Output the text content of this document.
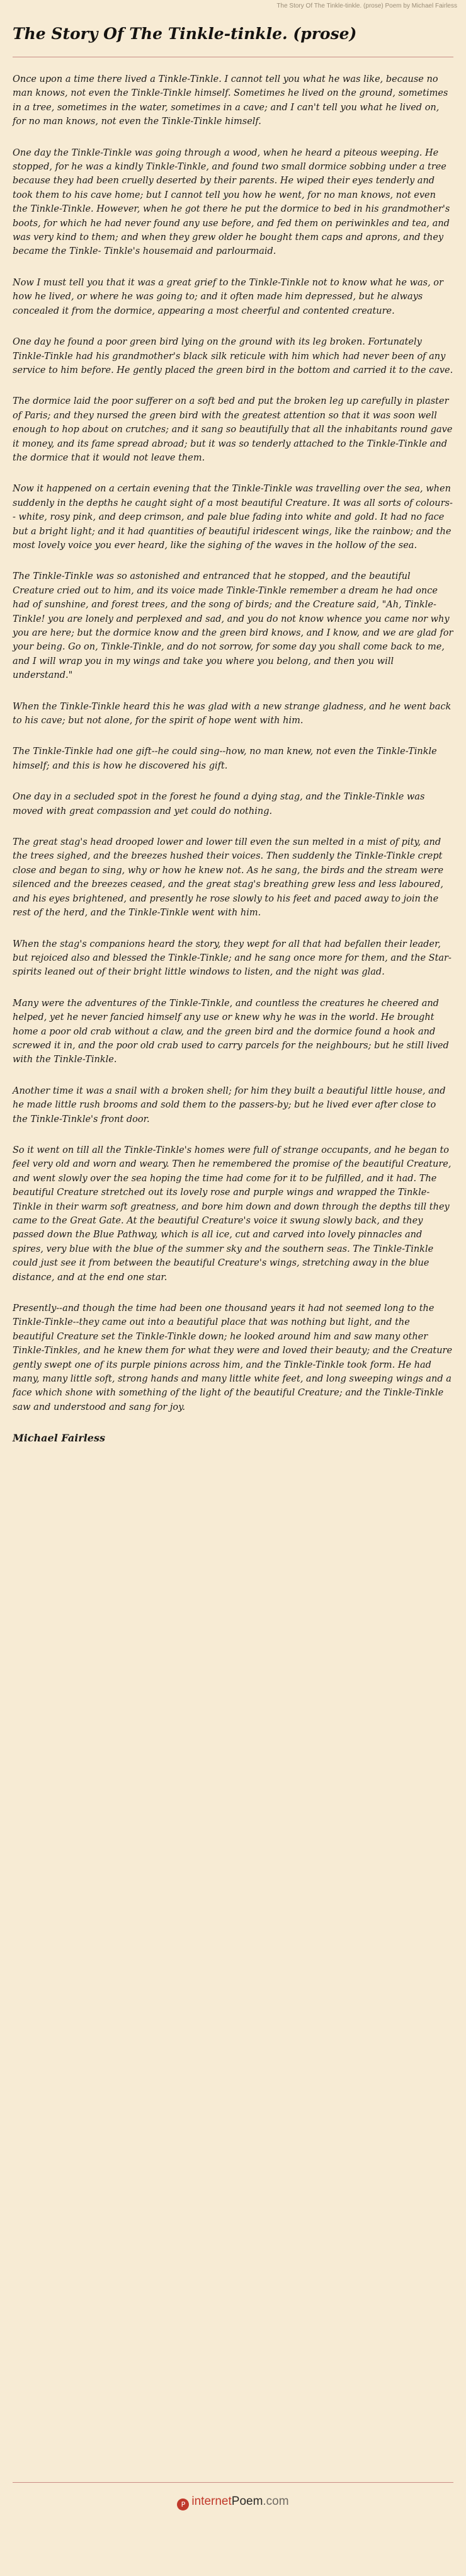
The Story Of The Tinkle-tinkle. (prose) Poem by Michael Fairless
The Story Of The Tinkle-tinkle. (prose)

Once upon a time there lived a Tinkle-Tinkle. I cannot tell you what he was like, because no man knows, not even the Tinkle-Tinkle himself. Sometimes he lived on the ground, sometimes in a tree, sometimes in the water, sometimes in a cave; and I can't tell you what he lived on, for no man knows, not even the Tinkle-Tinkle himself.

One day the Tinkle-Tinkle was going through a wood, when he heard a piteous weeping. He stopped, for he was a kindly Tinkle-Tinkle, and found two small dormice sobbing under a tree because they had been cruelly deserted by their parents. He wiped their eyes tenderly and took them to his cave home; but I cannot tell you how he went, for no man knows, not even the Tinkle-Tinkle. However, when he got there he put the dormice to bed in his grandmother's boots, for which he had never found any use before, and fed them on periwinkles and tea, and was very kind to them; and when they grew older he bought them caps and aprons, and they became the Tinkle- Tinkle's housemaid and parlourmaid.

Now I must tell you that it was a great grief to the Tinkle-Tinkle not to know what he was, or how he lived, or where he was going to; and it often made him depressed, but he always concealed it from the dormice, appearing a most cheerful and contented creature.

One day he found a poor green bird lying on the ground with its leg broken. Fortunately Tinkle-Tinkle had his grandmother's black silk reticule with him which had never been of any service to him before. He gently placed the green bird in the bottom and carried it to the cave.

The dormice laid the poor sufferer on a soft bed and put the broken leg up carefully in plaster of Paris; and they nursed the green bird with the greatest attention so that it was soon well enough to hop about on crutches; and it sang so beautifully that all the inhabitants round gave it money, and its fame spread abroad; but it was so tenderly attached to the Tinkle-Tinkle and the dormice that it would not leave them.

Now it happened on a certain evening that the Tinkle-Tinkle was travelling over the sea, when suddenly in the depths he caught sight of a most beautiful Creature. It was all sorts of colours-- white, rosy pink, and deep crimson, and pale blue fading into white and gold. It had no face but a bright light; and it had quantities of beautiful iridescent wings, like the rainbow; and the most lovely voice you ever heard, like the sighing of the waves in the hollow of the sea.

The Tinkle-Tinkle was so astonished and entranced that he stopped, and the beautiful Creature cried out to him, and its voice made Tinkle-Tinkle remember a dream he had once had of sunshine, and forest trees, and the song of birds; and the Creature said, "Ah, Tinkle-Tinkle! you are lonely and perplexed and sad, and you do not know whence you came nor why you are here; but the dormice know and the green bird knows, and I know, and we are glad for your being. Go on, Tinkle-Tinkle, and do not sorrow, for some day you shall come back to me, and I will wrap you in my wings and take you where you belong, and then you will understand."

When the Tinkle-Tinkle heard this he was glad with a new strange gladness, and he went back to his cave; but not alone, for the spirit of hope went with him.

The Tinkle-Tinkle had one gift--he could sing--how, no man knew, not even the Tinkle-Tinkle himself; and this is how he discovered his gift.

One day in a secluded spot in the forest he found a dying stag, and the Tinkle-Tinkle was moved with great compassion and yet could do nothing.

The great stag's head drooped lower and lower till even the sun melted in a mist of pity, and the trees sighed, and the breezes hushed their voices. Then suddenly the Tinkle-Tinkle crept close and began to sing, why or how he knew not. As he sang, the birds and the stream were silenced and the breezes ceased, and the great stag's breathing grew less and less laboured, and his eyes brightened, and presently he rose slowly to his feet and paced away to join the rest of the herd, and the Tinkle-Tinkle went with him.

When the stag's companions heard the story, they wept for all that had befallen their leader, but rejoiced also and blessed the Tinkle-Tinkle; and he sang once more for them, and the Star-spirits leaned out of their bright little windows to listen, and the night was glad.

Many were the adventures of the Tinkle-Tinkle, and countless the creatures he cheered and helped, yet he never fancied himself any use or knew why he was in the world. He brought home a poor old crab without a claw, and the green bird and the dormice found a hook and screwed it in, and the poor old crab used to carry parcels for the neighbours; but he still lived with the Tinkle-Tinkle.

Another time it was a snail with a broken shell; for him they built a beautiful little house, and he made little rush brooms and sold them to the passers-by; but he lived ever after close to the Tinkle-Tinkle's front door.

So it went on till all the Tinkle-Tinkle's homes were full of strange occupants, and he began to feel very old and worn and weary. Then he remembered the promise of the beautiful Creature, and went slowly over the sea hoping the time had come for it to be fulfilled, and it had. The beautiful Creature stretched out its lovely rose and purple wings and wrapped the Tinkle-Tinkle in their warm soft greatness, and bore him down and down through the depths till they came to the Great Gate. At the beautiful Creature's voice it swung slowly back, and they passed down the Blue Pathway, which is all ice, cut and carved into lovely pinnacles and spires, very blue with the blue of the summer sky and the southern seas. The Tinkle-Tinkle could just see it from between the beautiful Creature's wings, stretching away in the blue distance, and at the end one star.

Presently--and though the time had been one thousand years it had not seemed long to the Tinkle-Tinkle--they came out into a beautiful place that was nothing but light, and the beautiful Creature set the Tinkle-Tinkle down; he looked around him and saw many other Tinkle-Tinkles, and he knew them for what they were and loved their beauty; and the Creature gently swept one of its purple pinions across him, and the Tinkle-Tinkle took form. He had many, many little soft, strong hands and many little white feet, and long sweeping wings and a face which shone with something of the light of the beautiful Creature; and the Tinkle-Tinkle saw and understood and sang for joy.

Michael Fairless
P internetPoem.com
